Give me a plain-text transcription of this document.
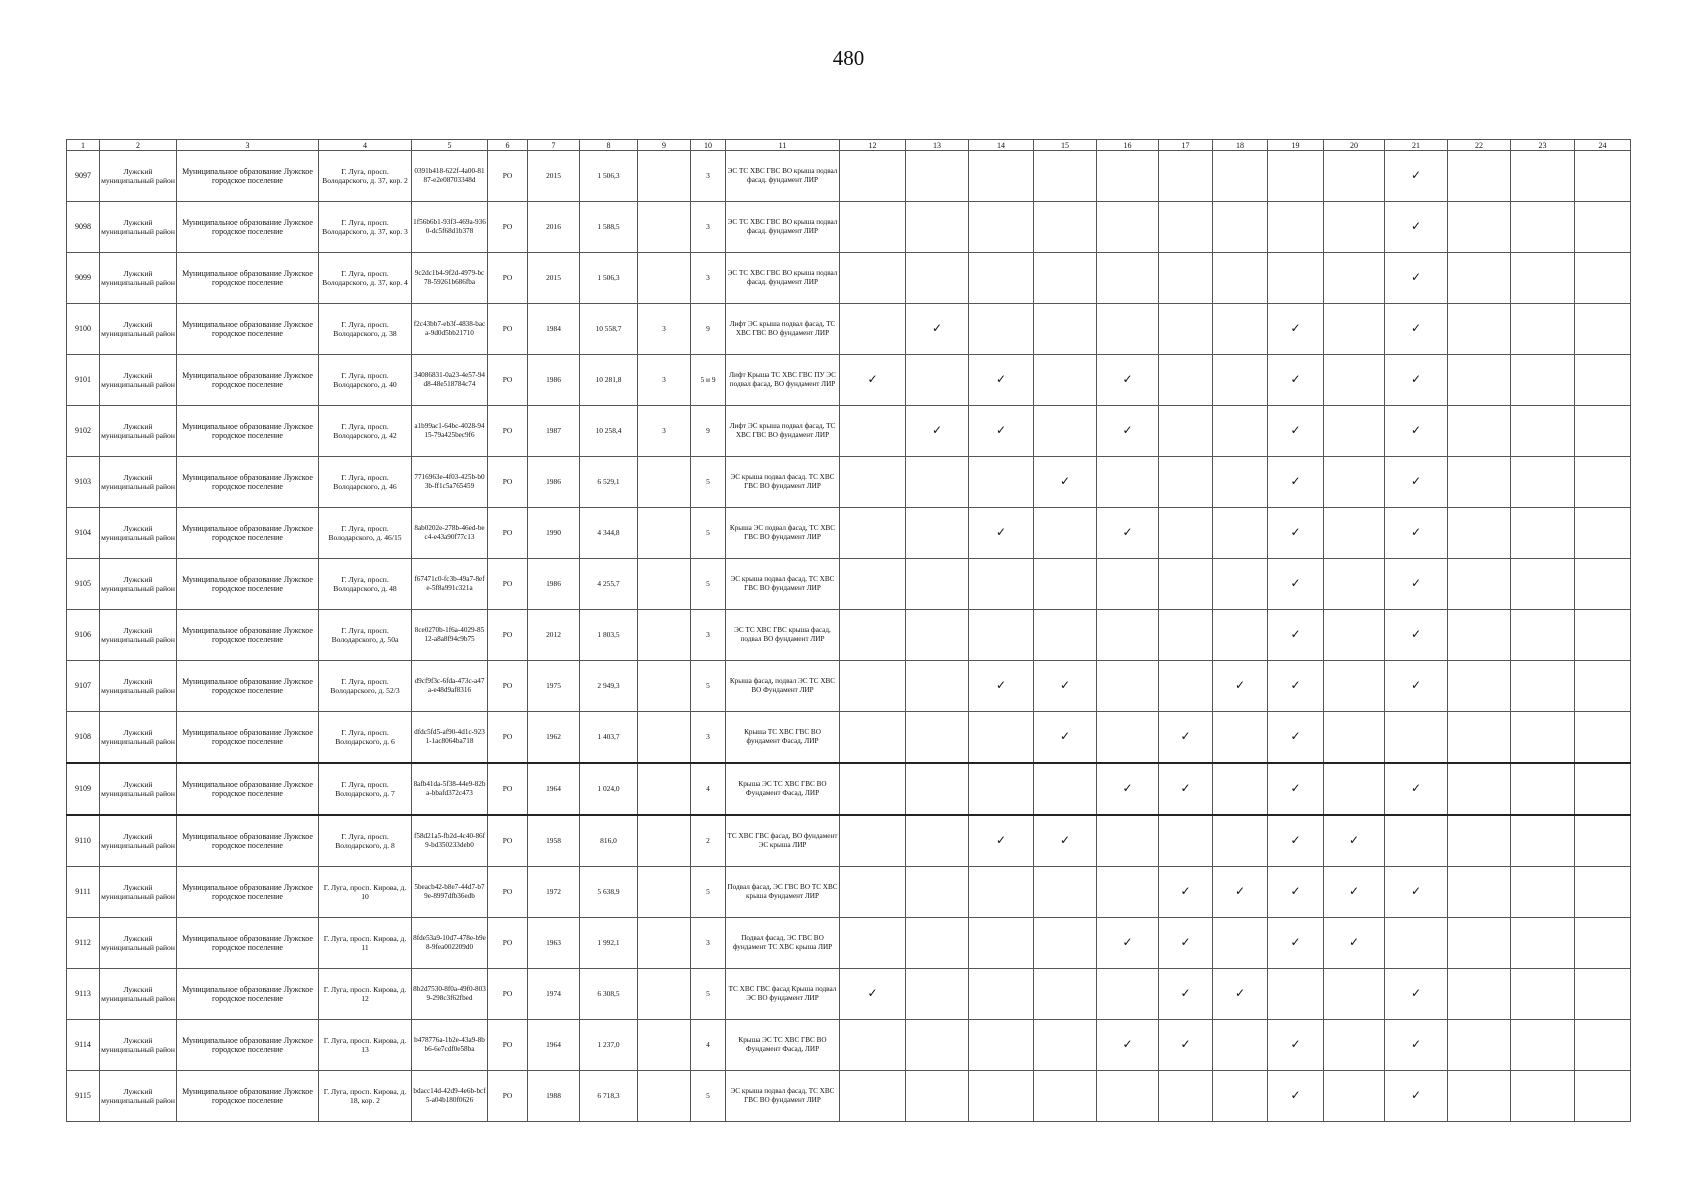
480
1	2	3	4	5	6	7	8	9	10	11	12	13	14	15	16	17	18	19	20	21	22	23	24
9097	Лужский муниципальный район	Муниципальное образование Лужское городское поселение	Г. Луга, просп. Володарского, д. 37, кор. 2	0391b418-622f-4a00-8187-e2e08703348d	РО	2015	1 506,3		3	ЭС ТС ХВС ГВС ВО крыша подвал фасад. фундамент ЛИР										✓			
9098	Лужский муниципальный район	Муниципальное образование Лужское городское поселение	Г. Луга, просп. Володарского, д. 37, кор. 3	1f56b6b1-93f3-469a-9360-dc5f68d1b378	РО	2016	1 588,5		3	ЭС ТС ХВС ГВС ВО крыша подвал фасад. фундамент ЛИР										✓			
9099	Лужский муниципальный район	Муниципальное образование Лужское городское поселение	Г. Луга, просп. Володарского, д. 37, кор. 4	9c2dc1b4-9f2d-4979-bc78-59261b686fba	РО	2015	1 506,3		3	ЭС ТС ХВС ГВС ВО крыша подвал фасад. фундамент ЛИР										✓			
9100	Лужский муниципальный район	Муниципальное образование Лужское городское поселение	Г. Луга, просп. Володарского, д. 38	f2c43bb7-eb3f-4838-baca-9d0d5bb21710	РО	1984	10 558,7	3	9	Лифт ЭС крыша подвал фасад, ТС ХВС ГВС ВО фундамент ЛИР		✓						✓		✓			
9101	Лужский муниципальный район	Муниципальное образование Лужское городское поселение	Г. Луга, просп. Володарского, д. 40	34086831-0a23-4e57-94d8-48e518784c74	РО	1986	10 281,8	3	5 и 9	Лифт Крыша ТС ХВС ГВС ПУ ЭС подвал фасад, ВО фундамент ЛИР	✓		✓		✓			✓		✓			
9102	Лужский муниципальный район	Муниципальное образование Лужское городское поселение	Г. Луга, просп. Володарского, д. 42	a1b99ac1-64bc-4028-9415-79a425bec9f6	РО	1987	10 258,4	3	9	Лифт ЭС крыша подвал фасад, ТС ХВС ГВС ВО фундамент ЛИР		✓	✓		✓			✓		✓			
9103	Лужский муниципальный район	Муниципальное образование Лужское городское поселение	Г. Луга, просп. Володарского, д. 46	7716963e-4f03-425b-b03b-ff1c5a765459	РО	1986	6 529,1		5	ЭС крыша подвал фасад. ТС ХВС ГВС ВО фундамент ЛИР				✓				✓		✓			
9104	Лужский муниципальный район	Муниципальное образование Лужское городское поселение	Г. Луга, просп. Володарского, д. 46/15	8ab0202e-278b-46ed-bec4-e43a90f77c13	РО	1990	4 344,8		5	Крыша ЭС подвал фасад, ТС ХВС ГВС ВО фундамент ЛИР			✓		✓			✓		✓			
9105	Лужский муниципальный район	Муниципальное образование Лужское городское поселение	Г. Луга, просп. Володарского, д. 48	f67471c0-fc3b-49a7-8efe-5f8a991c321a	РО	1986	4 255,7		5	ЭС крыша подвал фасад, ТС ХВС ГВС ВО фундамент ЛИР								✓		✓			
9106	Лужский муниципальный район	Муниципальное образование Лужское городское поселение	Г. Луга, просп. Володарского, д. 50а	8ce0270b-1f6a-4029-8512-a8a8f94c9b75	РО	2012	1 803,5		3	ЭС ТС ХВС ГВС крыша фасад, подвал ВО фундамент ЛИР								✓		✓			
9107	Лужский муниципальный район	Муниципальное образование Лужское городское поселение	Г. Луга, просп. Володарского, д. 52/3	d9cf9f3c-6fda-473c-a47a-e48d9af8316	РО	1975	2 949,3		5	Крыша фасад, подвал ЭС ТС ХВС ВО Фундамент ЛИР			✓	✓			✓	✓		✓			
9108	Лужский муниципальный район	Муниципальное образование Лужское городское поселение	Г. Луга, просп. Володарского, д. 6	dfdc5fd5-af90-4d1c-9231-1ac8064ba718	РО	1962	1 403,7		3	Крыша ТС ХВС ГВС ВО фундамент Фасад, ЛИР				✓		✓		✓					
9109	Лужский муниципальный район	Муниципальное образование Лужское городское поселение	Г. Луга, просп. Володарского, д. 7	8afb41da-5f38-44e9-82ba-bbafd372c473	РО	1964	1 024,0		4	Крыша ЭС ТС ХВС ГВС ВО Фундамент Фасад, ЛИР					✓	✓		✓		✓			
9110	Лужский муниципальный район	Муниципальное образование Лужское городское поселение	Г. Луга, просп. Володарского, д. 8	f58d21a5-fb2d-4c40-86f9-bd350233deb0	РО	1958	816,0		2	ТС ХВС ГВС фасад, ВО фундамент ЭС крыша ЛИР			✓	✓				✓	✓				
9111	Лужский муниципальный район	Муниципальное образование Лужское городское поселение	Г. Луга, просп. Кирова, д. 10	5beacb42-b8e7-44d7-b79e-8997dfb36edb	РО	1972	5 638,9		5	Подвал фасад, ЭС ГВС ВО ТС ХВС крыша Фундамент ЛИР						✓	✓	✓	✓	✓			
9112	Лужский муниципальный район	Муниципальное образование Лужское городское поселение	Г. Луга, просп. Кирова, д. 11	8fde53a9-10d7-478e-b9e8-9fea002209d0	РО	1963	1 992,1		3	Подвал фасад, ЭС ГВС ВО фундамент ТС ХВС крыша ЛИР					✓	✓		✓	✓				
9113	Лужский муниципальный район	Муниципальное образование Лужское городское поселение	Г. Луга, просп. Кирова, д. 12	8b2d7530-8f0a-49f0-8039-298c3f62fbed	РО	1974	6 308,5		5	ТС ХВС ГВС фасад Крыша подвал ЭС ВО фундамент ЛИР	✓					✓	✓			✓			
9114	Лужский муниципальный район	Муниципальное образование Лужское городское поселение	Г. Луга, просп. Кирова, д. 13	b478776a-1b2e-43a9-8bb6-6e7cdf0e58ba	РО	1964	1 237,0		4	Крыша ЭС ТС ХВС ГВС ВО Фундамент Фасад, ЛИР					✓	✓		✓		✓			
9115	Лужский муниципальный район	Муниципальное образование Лужское городское поселение	Г. Луга, просп. Кирова, д. 18, кор. 2	bdacc14d-42d9-4e6b-bcf5-a04b180f0626	РО	1988	6 718,3		5	ЭС крыша подвал фасад, ТС ХВС ГВС ВО фундамент ЛИР								✓		✓			
